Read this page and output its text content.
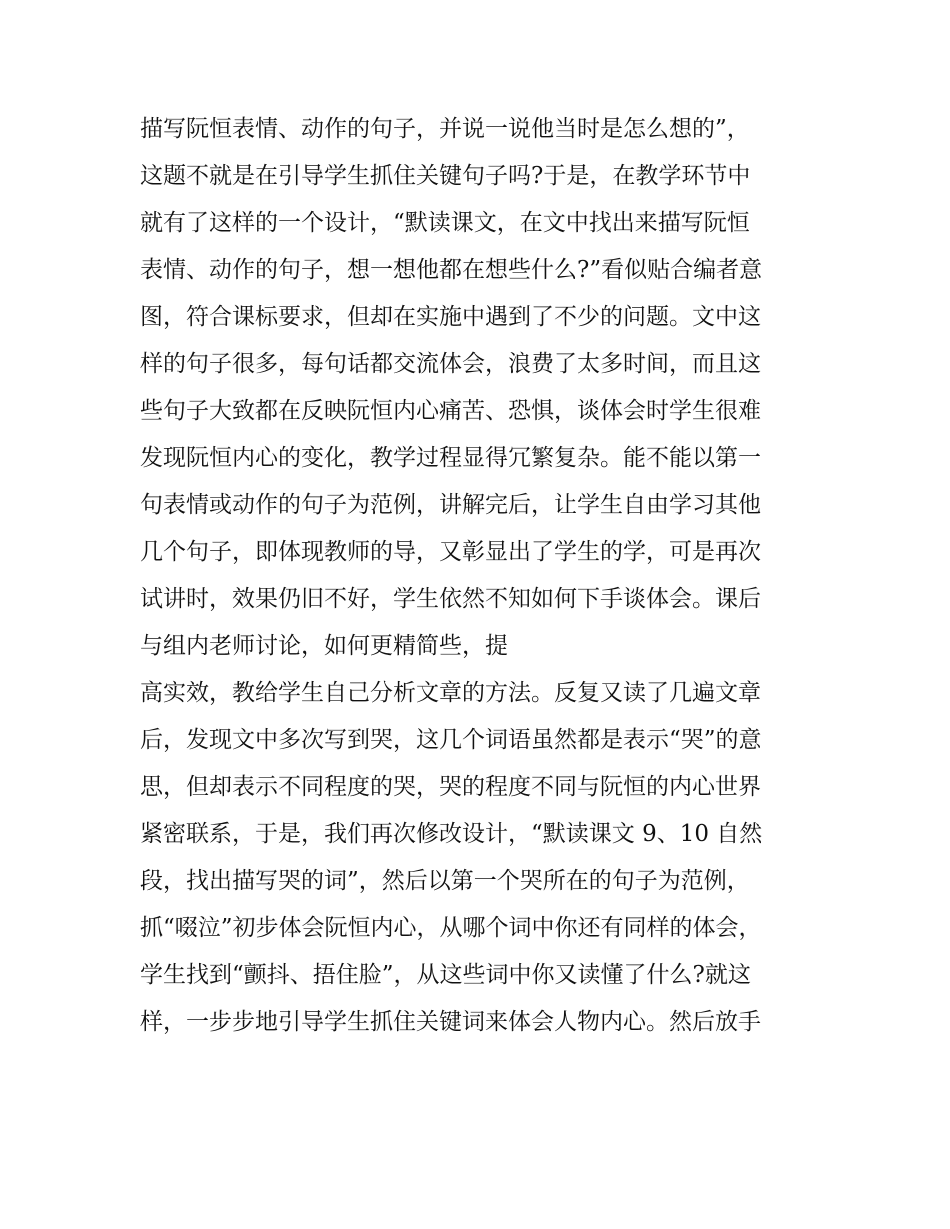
描写阮恒表情、动作的句子，并说一说他当时是怎么想的”，
这题不就是在引导学生抓住关键句子吗?于是，在教学环节中
就有了这样的一个设计，“默读课文，在文中找出来描写阮恒
表情、动作的句子，想一想他都在想些什么?”看似贴合编者意
图，符合课标要求，但却在实施中遇到了不少的问题。文中这
样的句子很多，每句话都交流体会，浪费了太多时间，而且这
些句子大致都在反映阮恒内心痛苦、恐惧，谈体会时学生很难
发现阮恒内心的变化，教学过程显得冗繁复杂。能不能以第一
句表情或动作的句子为范例，讲解完后，让学生自由学习其他
几个句子，即体现教师的导，又彰显出了学生的学，可是再次
试讲时，效果仍旧不好，学生依然不知如何下手谈体会。课后
与组内老师讨论，如何更精简些，提
高实效，教给学生自己分析文章的方法。反复又读了几遍文章
后，发现文中多次写到哭，这几个词语虽然都是表示“哭”的意
思，但却表示不同程度的哭，哭的程度不同与阮恒的内心世界
紧密联系，于是，我们再次修改设计，“默读课文 9、10 自然
段，找出描写哭的词”，然后以第一个哭所在的句子为范例，
抓“啜泣”初步体会阮恒内心，从哪个词中你还有同样的体会，
学生找到“颤抖、捂住脸”，从这些词中你又读懂了什么?就这
样，一步步地引导学生抓住关键词来体会人物内心。然后放手
